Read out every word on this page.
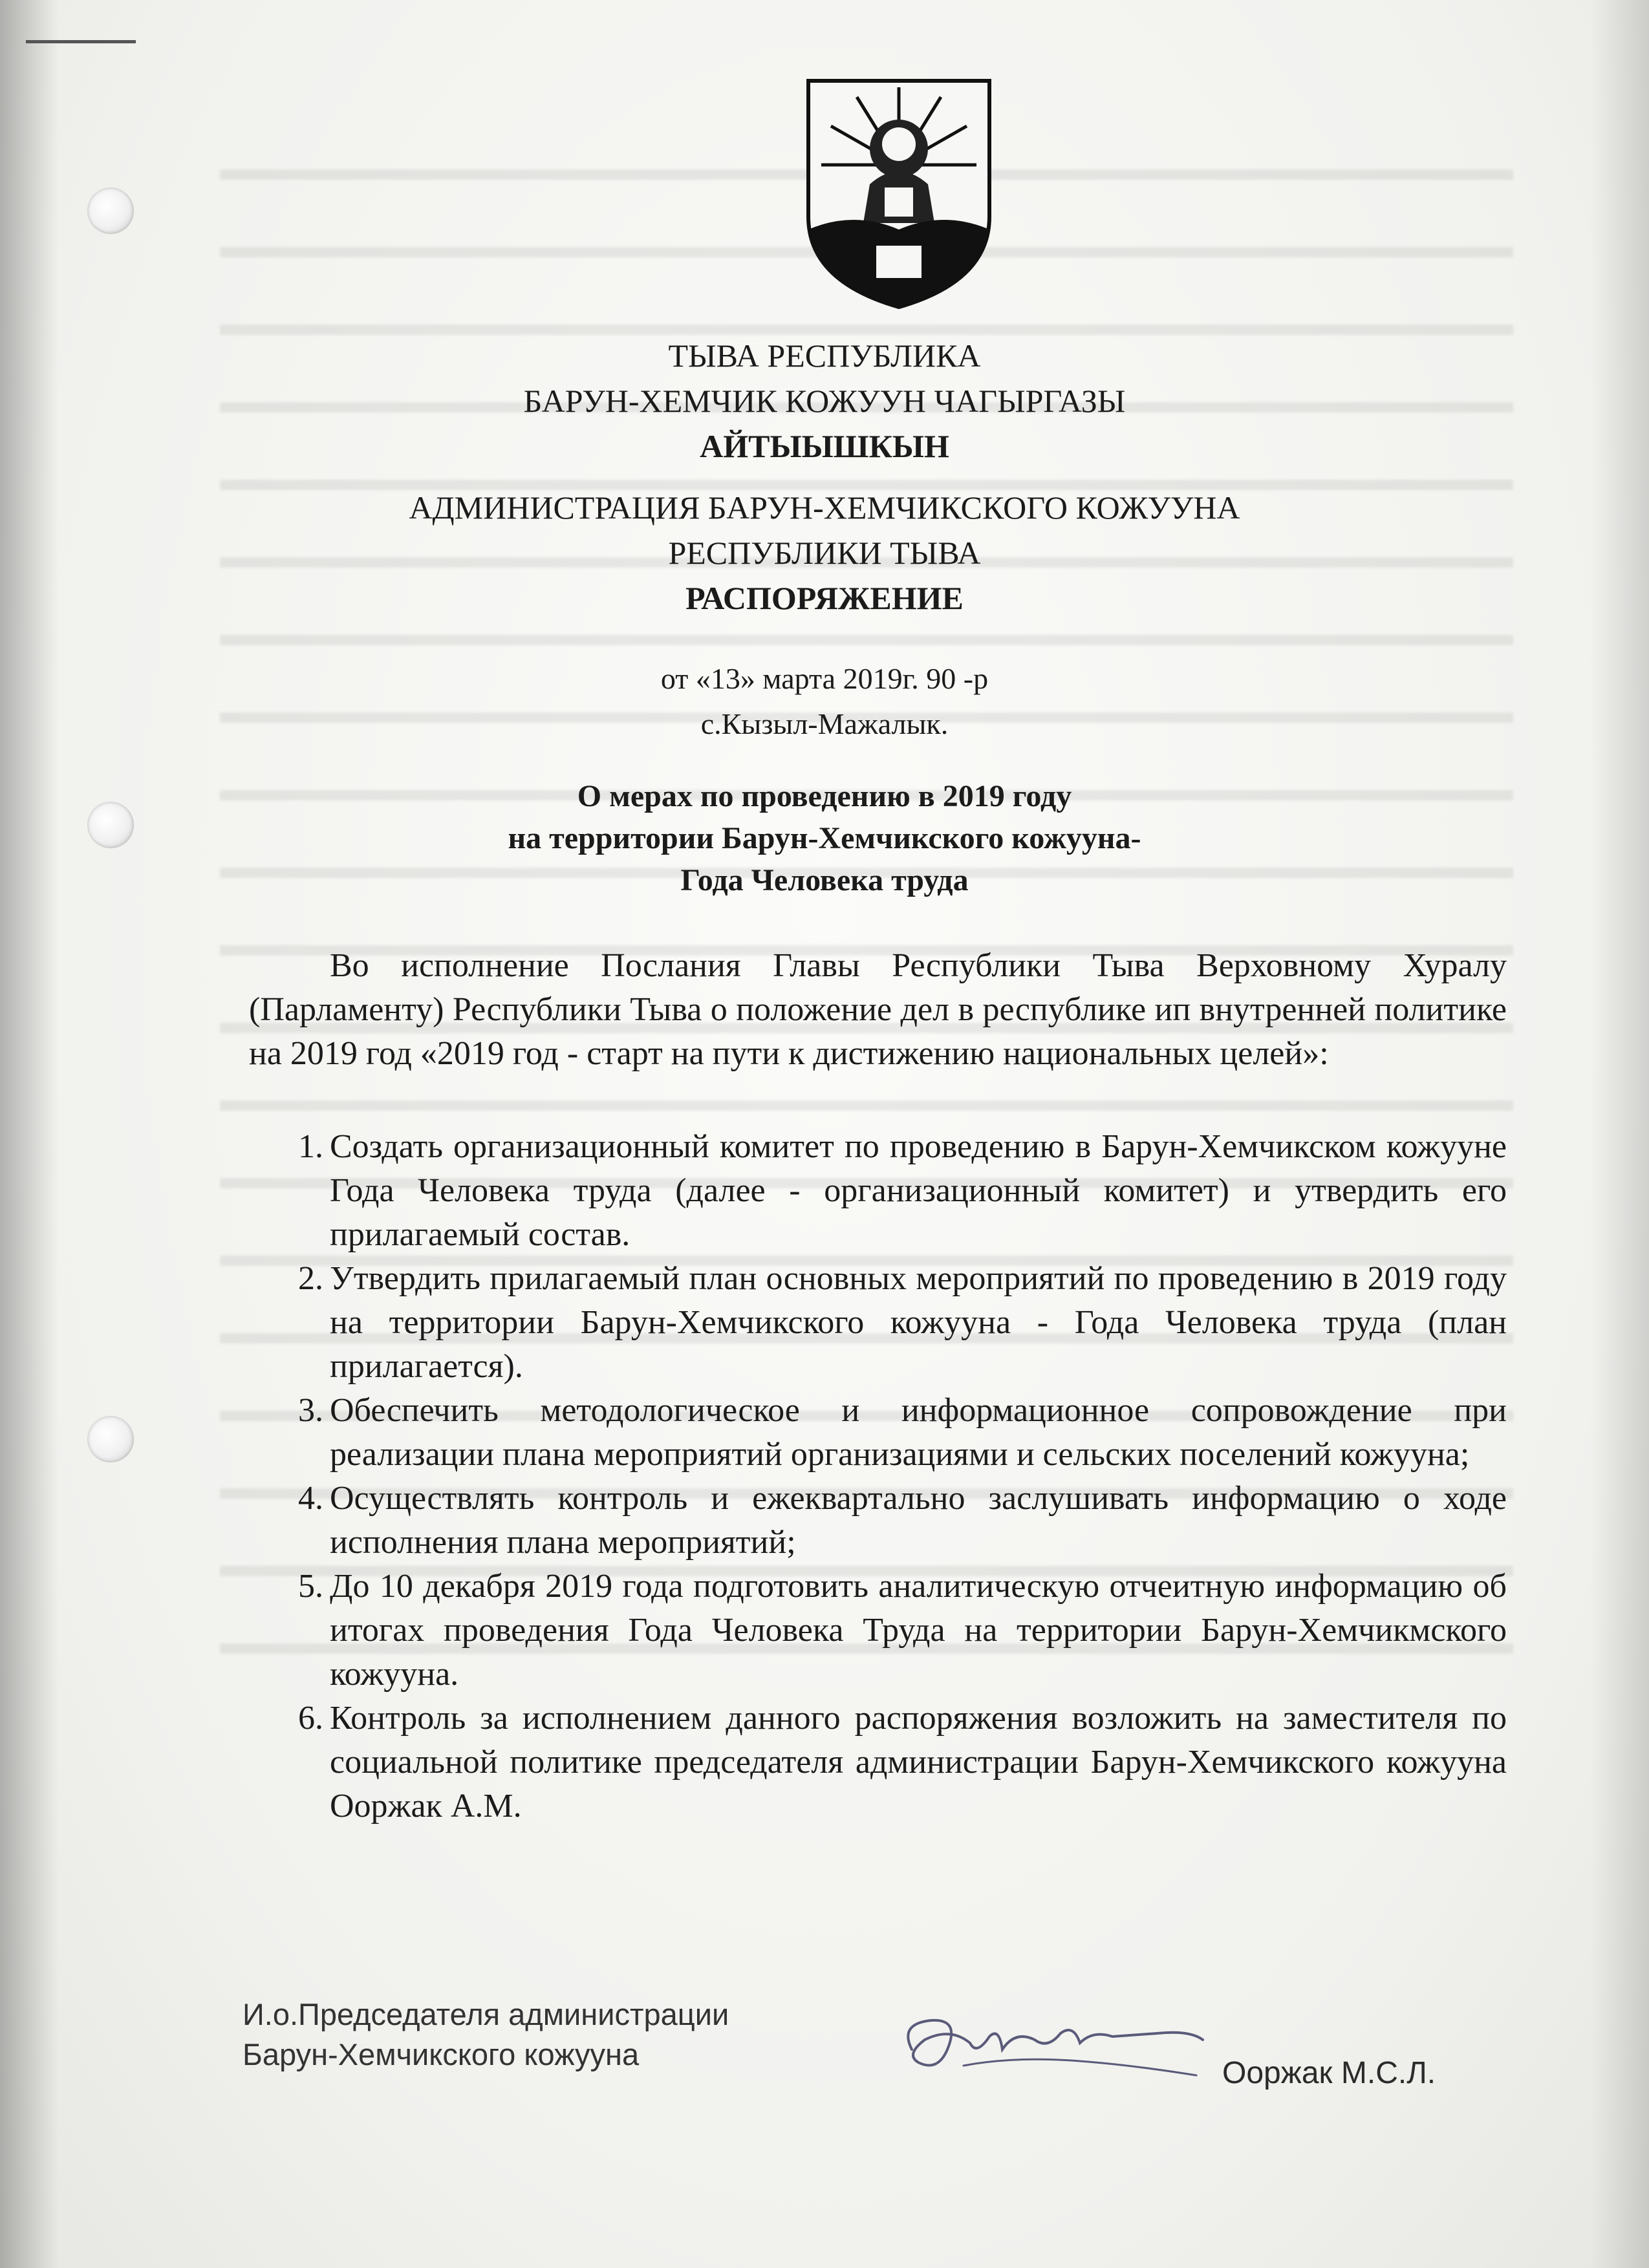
ТЫВА РЕСПУБЛИКА
БАРУН-ХЕМЧИК КОЖУУН ЧАГЫРГАЗЫ
АЙТЫЫШКЫН
АДМИНИСТРАЦИЯ БАРУН-ХЕМЧИКСКОГО КОЖУУНА
РЕСПУБЛИКИ ТЫВА
РАСПОРЯЖЕНИЕ
от «13» марта 2019г. 90 -р
с.Кызыл-Мажалык.
О мерах по проведению в 2019 году
на территории Барун-Хемчикского кожууна-
Года Человека труда
Во исполнение Послания Главы Республики Тыва Верховному Хуралу (Парламенту) Республики Тыва о положение дел в республике ип внутренней политике на 2019 год «2019 год - старт на пути к дистижению национальных целей»:
1. Создать организационный комитет по проведению в Барун-Хемчикском кожууне Года Человека труда (далее - организационный комитет) и утвердить его прилагаемый состав.
2. Утвердить прилагаемый план основных мероприятий по проведению в 2019 году на территории Барун-Хемчикского кожууна - Года Человека труда (план прилагается).
3. Обеспечить методологическое и информационное сопровождение при реализации плана мероприятий организациями и сельских поселений кожууна;
4. Осуществлять контроль и ежеквартально заслушивать информацию о ходе исполнения плана мероприятий;
5. До 10 декабря 2019 года подготовить аналитическую отчеитную информацию об итогах проведения Года Человека Труда на территории Барун-Хемчикмского кожууна.
6. Контроль за исполнением данного распоряжения возложить на заместителя по социальной политике председателя администрации Барун-Хемчикского кожууна Ооржак А.М.
И.о.Председателя администрации
Барун-Хемчикского кожууна
Ооржак М.С.Л.
